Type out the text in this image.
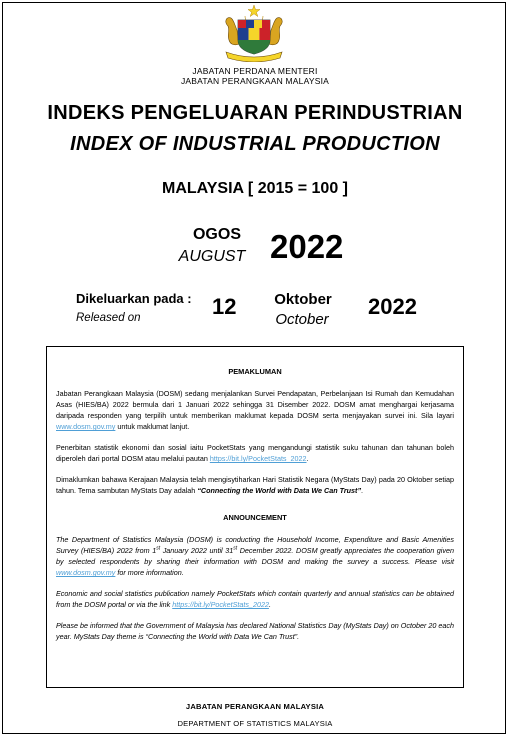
JABATAN PERDANA MENTERI
JABATAN PERANGKAAN MALAYSIA
INDEKS PENGELUARAN PERINDUSTRIAN
INDEX OF INDUSTRIAL PRODUCTION
MALAYSIA [ 2015 = 100 ]
OGOS
AUGUST 2022
Dikeluarkan pada :
Released on	12	Oktober
October
2022
PEMAKLUMAN

Jabatan Perangkaan Malaysia (DOSM) sedang menjalankan Survei Pendapatan, Perbelanjaan Isi Rumah dan Kemudahan Asas (HIES/BA) 2022 bermula dari 1 Januari 2022 sehingga 31 Disember 2022. DOSM amat menghargai kerjasama daripada responden yang terpilih untuk memberikan maklumat kepada DOSM serta menjayakan survei ini. Sila layari www.dosm.gov.my untuk maklumat lanjut.

Penerbitan statistik ekonomi dan sosial iaitu PocketStats yang mengandungi statistik suku tahunan dan tahunan boleh diperoleh dari portal DOSM atau melalui pautan https://bit.ly/PocketStats_2022.

Dimaklumkan bahawa Kerajaan Malaysia telah mengisytiharkan Hari Statistik Negara (MyStats Day) pada 20 Oktober setiap tahun. Tema sambutan MyStats Day adalah “Connecting the World with Data We Can Trust”.

ANNOUNCEMENT

The Department of Statistics Malaysia (DOSM) is conducting the Household Income, Expenditure and Basic Amenities Survey (HIES/BA) 2022 from 1st January 2022 until 31st December 2022. DOSM greatly appreciates the cooperation given by selected respondents by sharing their information with DOSM and making the survey a success. Please visit www.dosm.gov.my for more information.

Economic and social statistics publication namely PocketStats which contain quarterly and annual statistics can be obtained from the DOSM portal or via the link https://bit.ly/PocketStats_2022.

Please be informed that the Government of Malaysia has declared National Statistics Day (MyStats Day) on October 20 each year. MyStats Day theme is “Connecting the World with Data We Can Trust”.

JABATAN PERANGKAAN MALAYSIA
DEPARTMENT OF STATISTICS MALAYSIA
